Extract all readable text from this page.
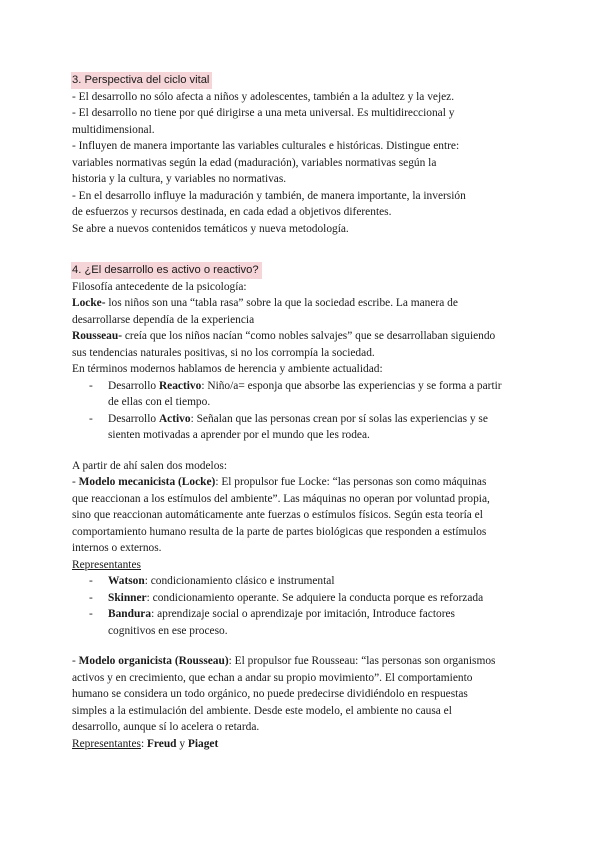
3. Perspectiva del ciclo vital
- El desarrollo no sólo afecta a niños y adolescentes, también a la adultez y la vejez.
- El desarrollo no tiene por qué dirigirse a una meta universal. Es multidireccional y
multidimensional.
- Influyen de manera importante las variables culturales e históricas. Distingue entre:
variables normativas según la edad (maduración), variables normativas según la
historia y la cultura, y variables no normativas.
- En el desarrollo influye la maduración y también, de manera importante, la inversión
de esfuerzos y recursos destinada, en cada edad a objetivos diferentes.
Se abre a nuevos contenidos temáticos y nueva metodología.
4. ¿El desarrollo es activo o reactivo?
Filosofía antecedente de la psicología:
Locke- los niños son una “tabla rasa” sobre la que la sociedad escribe. La manera de
desarrollarse dependía de la experiencia
Rousseau- creía que los niños nacían “como nobles salvajes” que se desarrollaban siguiendo
sus tendencias naturales positivas, si no los corrompía la sociedad.
En términos modernos hablamos de herencia y ambiente actualidad:
- Desarrollo Reactivo: Niño/a= esponja que absorbe las experiencias y se forma a partir
de ellas con el tiempo.
- Desarrollo Activo: Señalan que las personas crean por sí solas las experiencias y se
sienten motivadas a aprender por el mundo que les rodea.
A partir de ahí salen dos modelos:
- Modelo mecanicista (Locke): El propulsor fue Locke: “las personas son como máquinas
que reaccionan a los estímulos del ambiente”. Las máquinas no operan por voluntad propia,
sino que reaccionan automáticamente ante fuerzas o estímulos físicos. Según esta teoría el
comportamiento humano resulta de la parte de partes biológicas que responden a estímulos
internos o externos.
Representantes
- Watson: condicionamiento clásico e instrumental
- Skinner: condicionamiento operante. Se adquiere la conducta porque es reforzada
- Bandura: aprendizaje social o aprendizaje por imitación, Introduce factores
cognitivos en ese proceso.
- Modelo organicista (Rousseau): El propulsor fue Rousseau: “las personas son organismos
activos y en crecimiento, que echan a andar su propio movimiento”. El comportamiento
humano se considera un todo orgánico, no puede predecirse dividiéndolo en respuestas
simples a la estimulación del ambiente. Desde este modelo, el ambiente no causa el
desarrollo, aunque sí lo acelera o retarda.
Representantes: Freud y Piaget
